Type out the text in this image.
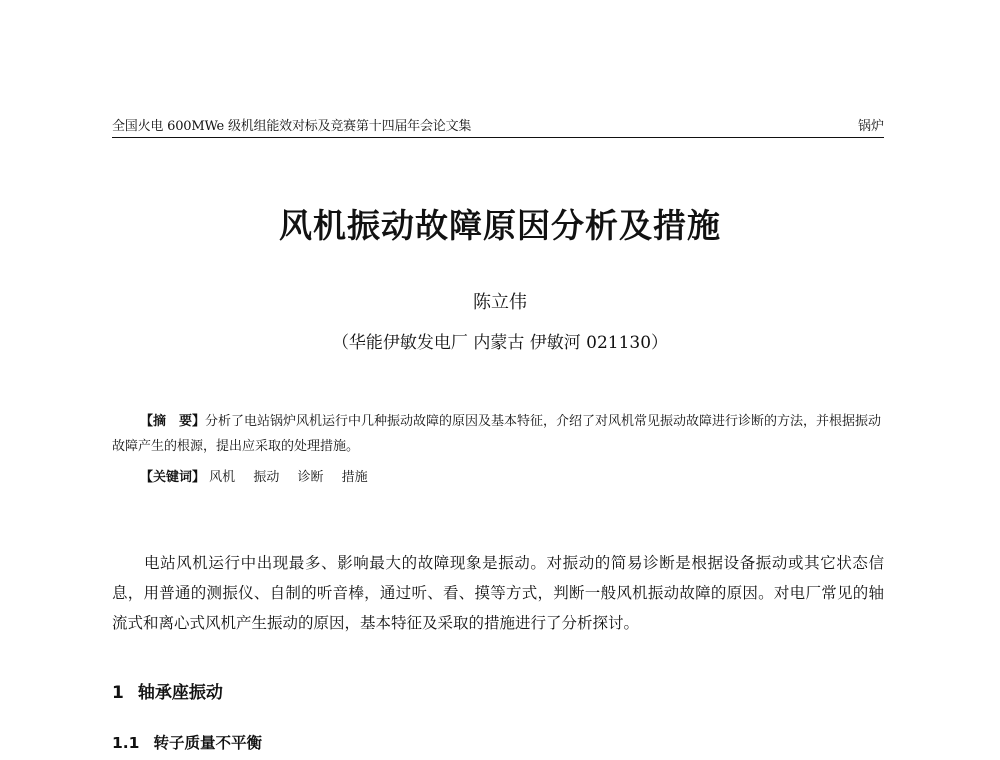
全国火电 600MWe 级机组能效对标及竞赛第十四届年会论文集	锅炉
风机振动故障原因分析及措施
陈立伟
（华能伊敏发电厂 内蒙古 伊敏河 021130）
【摘　要】分析了电站锅炉风机运行中几种振动故障的原因及基本特征，介绍了对风机常见振动故障进行诊断的方法，并根据振动故障产生的根源，提出应采取的处理措施。
【关键词】 风机 振动 诊断 措施
电站风机运行中出现最多、影响最大的故障现象是振动。对振动的简易诊断是根据设备振动或其它状态信息，用普通的测振仪、自制的听音棒，通过听、看、摸等方式，判断一般风机振动故障的原因。对电厂常见的轴流式和离心式风机产生振动的原因，基本特征及采取的措施进行了分析探讨。
1 轴承座振动
1.1 转子质量不平衡
